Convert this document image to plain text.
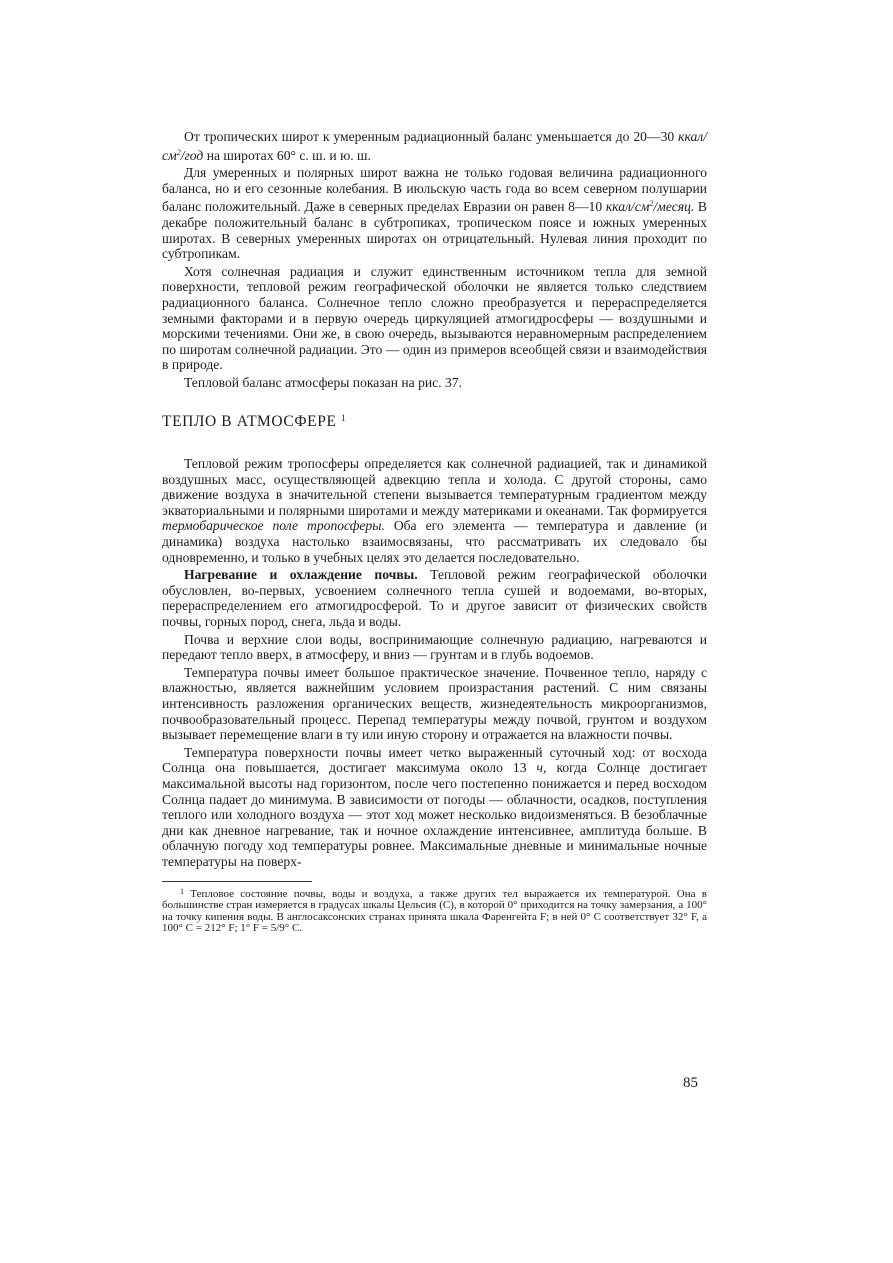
От тропических широт к умеренным радиационный баланс уменьшается до 20—30 ккал/$см^2$/год на широтах 60° с. ш. и ю. ш.

Для умеренных и полярных широт важна не только годовая величина радиационного баланса, но и его сезонные колебания. В июльскую часть года во всем северном полушарии баланс положительный. Даже в северных пределах Евразии он равен 8—10 ккал/$см^2$/месяц. В декабре положительный баланс в субтропиках, тропическом поясе и южных умеренных широтах. В северных умеренных широтах он отрицательный. Нулевая линия проходит по субтропикам.

Хотя солнечная радиация и служит единственным источником тепла для земной поверхности, тепловой режим географической оболочки не является только следствием радиационного баланса. Солнечное тепло сложно преобразуется и перераспределяется земными факторами и в первую очередь циркуляцией атмогидросферы — воздушными и морскими течениями. Они же, в свою очередь, вызываются неравномерным распределением по широтам солнечной радиации. Это — один из примеров всеобщей связи и взаимодействия в природе.

Тепловой баланс атмосферы показан на рис. 37.

ТЕПЛО В АТМОСФЕРЕ $^1$

Тепловой режим тропосферы определяется как солнечной радиацией, так и динамикой воздушных масс, осуществляющей адвекцию тепла и холода. С другой стороны, само движение воздуха в значительной степени вызывается температурным градиентом между экваториальными и полярными широтами и между материками и океанами. Так формируется термобарическое поле тропосферы. Оба его элемента — температура и давление (и динамика) воздуха настолько взаимосвязаны, что рассматривать их следовало бы одновременно, и только в учебных целях это делается последовательно.

Нагревание и охлаждение почвы. Тепловой режим географической оболочки обусловлен, во-первых, усвоением солнечного тепла сушей и водоемами, во-вторых, перераспределением его атмогидросферой. То и другое зависит от физических свойств почвы, горных пород, снега, льда и воды.

Почва и верхние слои воды, воспринимающие солнечную радиацию, нагреваются и передают тепло вверх, в атмосферу, и вниз — грунтам и в глубь водоемов.

Температура почвы имеет большое практическое значение. Почвенное тепло, наряду с влажностью, является важнейшим условием произрастания растений. С ним связаны интенсивность разложения органических веществ, жизнедеятельность микроорганизмов, почвообразовательный процесс. Перепад температуры между почвой, грунтом и воздухом вызывает перемещение влаги в ту или иную сторону и отражается на влажности почвы.

Температура поверхности почвы имеет четко выраженный суточный ход: от восхода Солнца она повышается, достигает максимума около 13 ч, когда Солнце достигает максимальной высоты над горизонтом, после чего постепенно понижается и перед восходом Солнца падает до минимума. В зависимости от погоды — облачности, осадков, поступления теплого или холодного воздуха — этот ход может несколько видоизменяться. В безоблачные дни как дневное нагревание, так и ночное охлаждение интенсивнее, амплитуда больше. В облачную погоду ход температуры ровнее. Максимальные дневные и минимальные ночные температуры на поверх-

$^1$ Тепловое состояние почвы, воды и воздуха, а также других тел выражается их температурой. Она в большинстве стран измеряется в градусах шкалы Цельсия (С), в которой 0° приходится на точку замерзания, а 100° на точку кипения воды. В англосаксонских странах принята шкала Фаренгейта F; в ней 0° С соответствует 32° F, а 100° С = 212° F; 1° F = 5/9° С.

85
